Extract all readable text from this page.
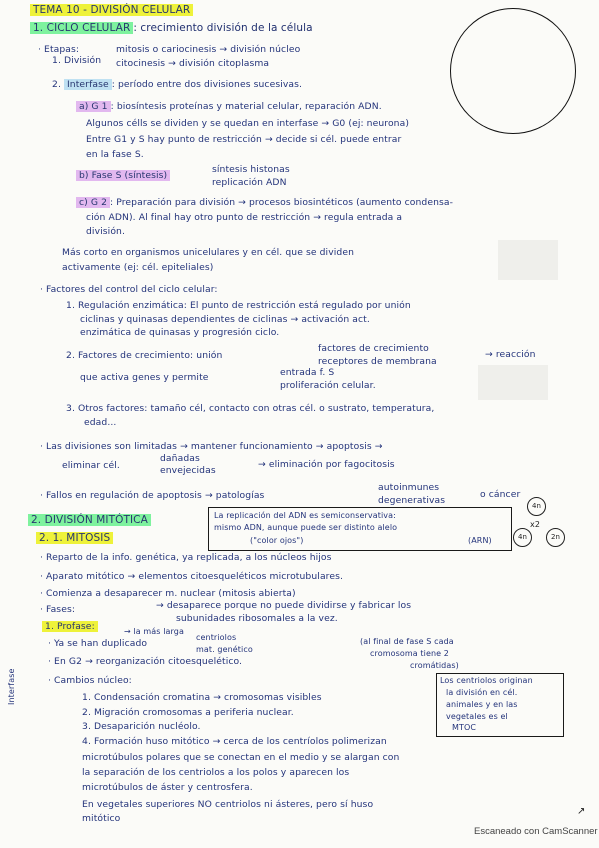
TEMA 10 - DIVISIÓN CELULAR
1. CICLO CELULAR : crecimiento división de la célula
· Etapas:	mitosis o cariocinesis → división núcleo
1. División citocinesis → división citoplasma
2. Interfase : período entre dos divisiones sucesivas.
a) G 1 : biosíntesis proteínas y material celular, reparación ADN.
Algunos célls se dividen y se quedan en interfase → G0 (ej: neurona)
Entre G1 y S hay punto de restricción → decide si cél. puede entrar
en la fase S.
b) Fase S (síntesis)
síntesis histonas
replicación ADN
c) G 2 : Preparación para división → procesos biosintéticos (aumento condensa-
ción ADN). Al final hay otro punto de restricción → regula entrada a
división.
Más corto en organismos unicelulares y en cél. que se dividen
activamente (ej: cél. epiteliales)
· Factores del control del ciclo celular:
1. Regulación enzimática: El punto de restricción está regulado por unión
ciclinas y quinasas dependientes de ciclinas → activación act.
enzimática de quinasas y progresión ciclo.
2. Factores de crecimiento: unión
factores de crecimiento
receptores de membrana
→ reacción
que activa genes y permite	entrada f. S
proliferación celular.
3. Otros factores: tamaño cél, contacto con otras cél. o sustrato, temperatura,
edad...
· Las divisiones son limitadas → mantener funcionamiento → apoptosis →
eliminar cél.
dañadas
envejecidas
→ eliminación por fagocitosis
· Fallos en regulación de apoptosis → patologías
autoinmunes
degenerativas
o cáncer
2. DIVISIÓN MITÓTICA	La replicación del ADN es semiconservativa:
mismo ADN, aunque puede ser distinto alelo
("color ojos")	(ARN)
4n
4n	2n
x2
2. 1. MITOSIS
· Reparto de la info. genética, ya replicada, a los núcleos hijos
· Aparato mitótico → elementos citoesqueléticos microtubulares.
· Comienza a desaparecer m. nuclear (mitosis abierta)
· Fases:	→ desaparece porque no puede dividirse y fabricar los
subunidades ribosomales a la vez.
1. Profase:	→ la más larga
Interfase
· Ya se han duplicado
centriolos
mat. genético
(al final de fase S cada
cromosoma tiene 2
cromátidas)
· En G2 → reorganización citoesquelético.
· Cambios núcleo:
1. Condensación cromatina → cromosomas visibles
2. Migración cromosomas a periferia nuclear.
3. Desaparición nucléolo.
Los centriolos originan
la división en cél.
animales y en las
vegetales es el
MTOC
4. Formación huso mitótico → cerca de los centríolos polimerizan
microtúbulos polares que se conectan en el medio y se alargan con
la separación de los centriolos a los polos y aparecen los
microtúbulos de áster y centrosfera.
En vegetales superiores NO centriolos ni ásteres, pero sí huso
mitótico
↗
Escaneado con CamScanner
